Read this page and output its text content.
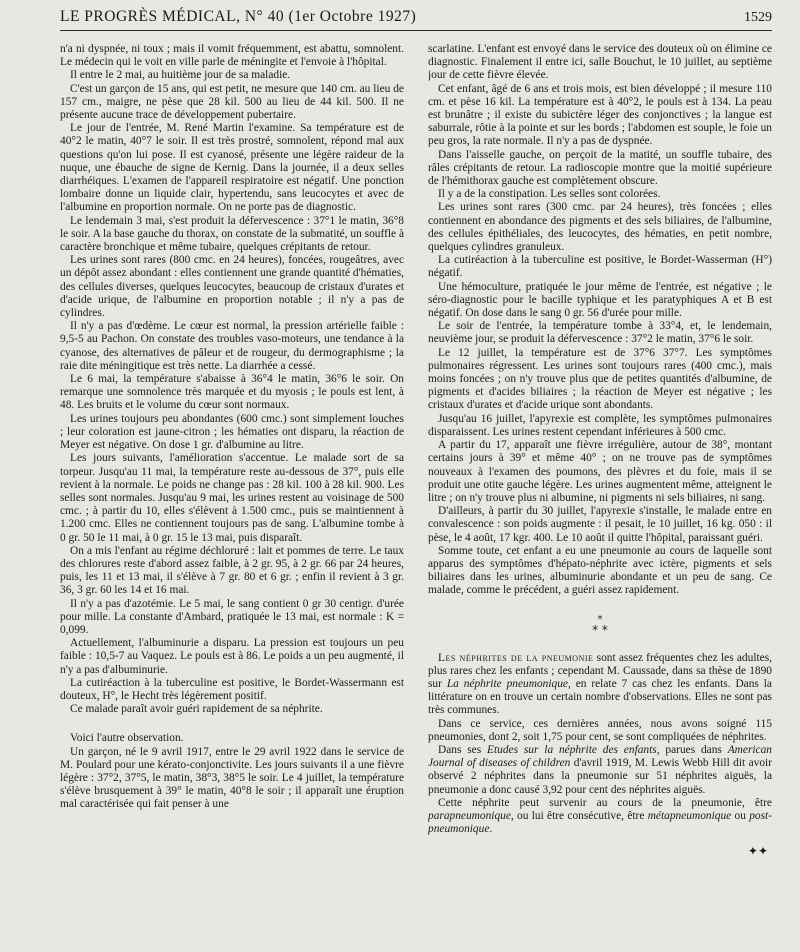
LE PROGRÈS MÉDICAL, N° 40 (1er Octobre 1927)	1529

n'a ni dyspnée, ni toux ; mais il vomit fréquemment, est abattu, somnolent. Le médecin qui le voit en ville parle de méningite et l'envoie à l'hôpital.

Il entre le 2 mai, au huitième jour de sa maladie.

C'est un garçon de 15 ans, qui est petit, ne mesure que 140 cm. au lieu de 157 cm., maigre, ne pèse que 28 kil. 500 au lieu de 44 kil. 500. Il ne présente aucune trace de développement pubertaire.

Le jour de l'entrée, M. René Martin l'examine. Sa température est de 40°2 le matin, 40°7 le soir. Il est très prostré, somnolent, répond mal aux questions qu'on lui pose. Il est cyanosé, présente une légère raideur de la nuque, une ébauche de signe de Kernig. Dans la journée, il a deux selles diarrhéiques. L'examen de l'appareil respiratoire est négatif. Une ponction lombaire donne un liquide clair, hypertendu, sans leucocytes et avec de l'albumine en proportion normale. On ne porte pas de diagnostic.

Le lendemain 3 mai, s'est produit la défervescence : 37°1 le matin, 36°8 le soir. A la base gauche du thorax, on constate de la submatité, un souffle à caractère bronchique et même tubaire, quelques crépitants de retour.

Les urines sont rares (800 cmc. en 24 heures), foncées, rougeâtres, avec un dépôt assez abondant : elles contiennent une grande quantité d'hématies, des cellules diverses, quelques leucocytes, beaucoup de cristaux d'urates et d'acide urique, de l'albumine en proportion notable ; il n'y a pas de cylindres.

Il n'y a pas d'œdème. Le cœur est normal, la pression artérielle faible : 9,5-5 au Pachon. On constate des troubles vaso-moteurs, une tendance à la cyanose, des alternatives de pâleur et de rougeur, du dermographisme ; la raie dite méningitique est très nette. La diarrhée a cessé.

Le 6 mai, la température s'abaisse à 36°4 le matin, 36°6 le soir. On remarque une somnolence très marquée et du myosis ; le pouls est lent, à 48. Les bruits et le volume du cœur sont normaux.

Les urines toujours peu abondantes (600 cmc.) sont simplement louches ; leur coloration est jaune-citron ; les hématies ont disparu, la réaction de Meyer est négative. On dose 1 gr. d'albumine au litre.

Les jours suivants, l'amélioration s'accentue. Le malade sort de sa torpeur. Jusqu'au 11 mai, la température reste au-dessous de 37°, puis elle revient à la normale. Le poids ne change pas : 28 kil. 100 à 28 kil. 900. Les selles sont normales. Jusqu'au 9 mai, les urines restent au voisinage de 500 cmc. ; à partir du 10, elles s'élèvent à 1.500 cmc., puis se maintiennent à 1.200 cmc. Elles ne contiennent toujours pas de sang. L'albumine tombe à 0 gr. 50 le 11 mai, à 0 gr. 15 le 13 mai, puis disparaît.

On a mis l'enfant au régime déchloruré : lait et pommes de terre. Le taux des chlorures reste d'abord assez faible, à 2 gr. 95, à 2 gr. 66 par 24 heures, puis, les 11 et 13 mai, il s'élève à 7 gr. 80 et 6 gr. ; enfin il revient à 3 gr. 36, 3 gr. 60 les 14 et 16 mai.

Il n'y a pas d'azotémie. Le 5 mai, le sang contient 0 gr 30 centigr. d'urée pour mille. La constante d'Ambard, pratiquée le 13 mai, est normale : K = 0,099.

Actuellement, l'albuminurie a disparu. La pression est toujours un peu faible : 10,5-7 au Vaquez. Le pouls est à 86. Le poids a un peu augmenté, il n'y a pas d'albuminurie.

La cutiréaction à la tuberculine est positive, le Bordet-Wassermann est douteux, H°, le Hecht très légèrement positif.

Ce malade paraît avoir guéri rapidement de sa néphrite.

Voici l'autre observation.

Un garçon, né le 9 avril 1917, entre le 29 avril 1922 dans le service de M. Poulard pour une kérato-conjonctivite. Les jours suivants il a une fièvre légère : 37°2, 37°5, le matin, 38°3, 38°5 le soir. Le 4 juillet, la température s'élève brusquement à 39° le matin, 40°8 le soir ; il apparaît une éruption mal caractérisée qui fait penser à une

scarlatine. L'enfant est envoyé dans le service des douteux où on élimine ce diagnostic. Finalement il entre ici, salle Bouchut, le 10 juillet, au septième jour de cette fièvre élevée.

Cet enfant, âgé de 6 ans et trois mois, est bien développé ; il mesure 110 cm. et pèse 16 kil. La température est à 40°2, le pouls est à 134. La peau est brunâtre ; il existe du subictère léger des conjonctives ; la langue est saburrale, rôtie à la pointe et sur les bords ; l'abdomen est souple, le foie un peu gros, la rate normale. Il n'y a pas de dyspnée.

Dans l'aisselle gauche, on perçoit de la matité, un souffle tubaire, des râles crépitants de retour. La radioscopie montre que la moitié supérieure de l'hémithorax gauche est complètement obscure.

Il y a de la constipation. Les selles sont colorées.

Les urines sont rares (300 cmc. par 24 heures), très foncées ; elles contiennent en abondance des pigments et des sels biliaires, de l'albumine, des cellules épithéliales, des leucocytes, des hématies, en petit nombre, quelques cylindres granuleux.

La cutiréaction à la tuberculine est positive, le Bordet-Wasserman (H°) négatif.

Une hémoculture, pratiquée le jour même de l'entrée, est négative ; le séro-diagnostic pour le bacille typhique et les paratyphiques A et B est négatif. On dose dans le sang 0 gr. 56 d'urée pour mille.

Le soir de l'entrée, la température tombe à 33°4, et, le lendemain, neuvième jour, se produit la défervescence : 37°2 le matin, 37°6 le soir.

Le 12 juillet, la température est de 37°6 37°7. Les symptômes pulmonaires régressent. Les urines sont toujours rares (400 cmc.), mais moins foncées ; on n'y trouve plus que de petites quantités d'albumine, de pigments et d'acides biliaires ; la réaction de Meyer est négative ; les cristaux d'urates et d'acide urique sont abondants.

Jusqu'au 16 juillet, l'apyrexie est complète, les symptômes pulmonaires disparaissent. Les urines restent cependant inférieures à 500 cmc.

A partir du 17, apparaît une fièvre irrégulière, autour de 38°, montant certains jours à 39° et même 40° ; on ne trouve pas de symptômes nouveaux à l'examen des poumons, des plèvres et du foie, mais il se produit une otite gauche légère. Les urines augmentent même, atteignent le litre ; on n'y trouve plus ni albumine, ni pigments ni sels biliaires, ni sang.

D'ailleurs, à partir du 30 juillet, l'apyrexie s'installe, le malade entre en convalescence : son poids augmente : il pesait, le 10 juillet, 16 kg. 050 : il pèse, le 4 août, 17 kgr. 400. Le 10 août il quitte l'hôpital, paraissant guéri.

Somme toute, cet enfant a eu une pneumonie au cours de laquelle sont apparus des symptômes d'hépato-néphrite avec ictère, pigments et sels biliaires dans les urines, albuminurie abondante et un peu de sang. Ce malade, comme le précédent, a guéri assez rapidement.

*
* *

Les néphrites de la pneumonie sont assez fréquentes chez les adultes, plus rares chez les enfants ; cependant M. Caussade, dans sa thèse de 1890 sur La néphrite pneumonique, en relate 7 cas chez les enfants. Dans la littérature on en trouve un certain nombre d'observations. Elles ne sont pas très communes.

Dans ce service, ces dernières années, nous avons soigné 115 pneumonies, dont 2, soit 1,75 pour cent, se sont compliquées de néphrites.

Dans ses Etudes sur la néphrite des enfants, parues dans American Journal of diseases of children d'avril 1919, M. Lewis Webb Hill dit avoir observé 2 néphrites dans la pneumonie sur 51 néphrites aiguës, la pneumonie a donc causé 3,92 pour cent des néphrites aiguës.

Cette néphrite peut survenir au cours de la pneumonie, être parapneumonique, ou lui être consécutive, être métapneumonique ou post-pneumonique.

✦✦
